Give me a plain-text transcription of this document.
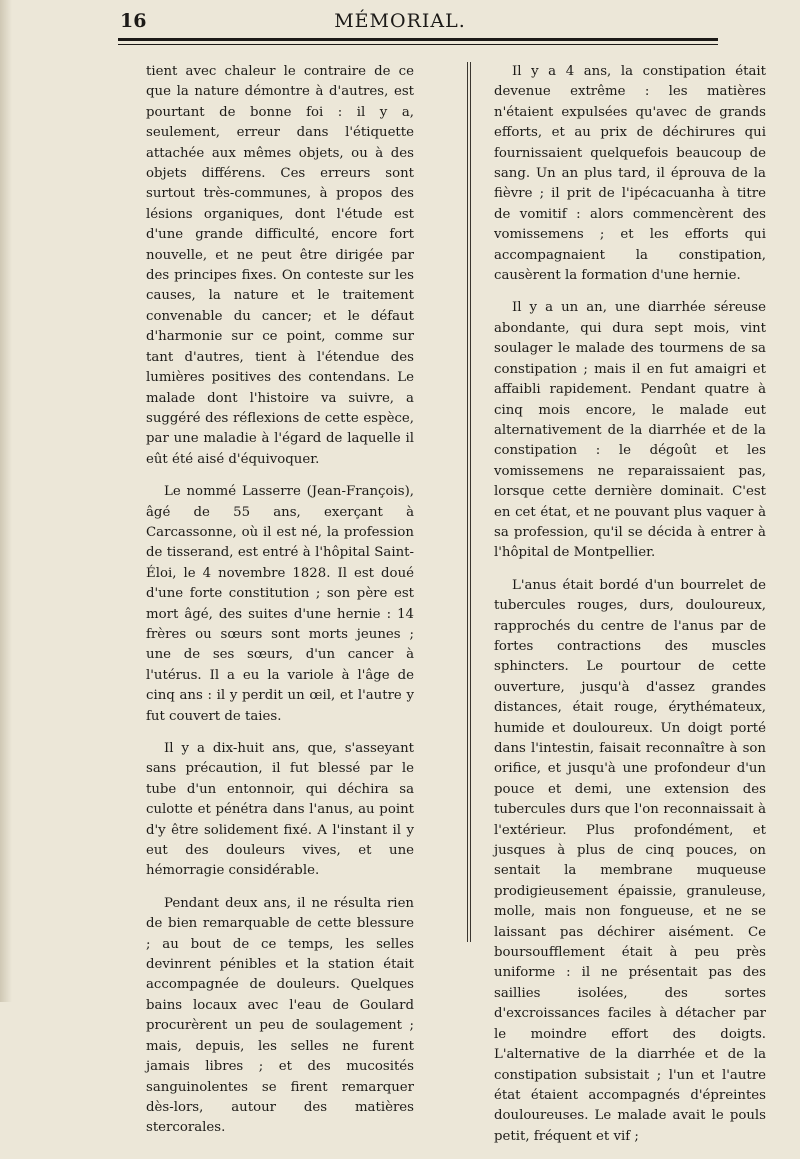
16	MÉMORIAL.

tient avec chaleur le contraire de ce que la nature démontre à d'autres, est pourtant de bonne foi : il y a, seulement, erreur dans l'étiquette attachée aux mêmes objets, ou à des objets différens. Ces erreurs sont surtout très-communes, à propos des lésions organiques, dont l'étude est d'une grande difficulté, encore fort nouvelle, et ne peut être dirigée par des principes fixes. On conteste sur les causes, la nature et le traitement convenable du cancer; et le défaut d'harmonie sur ce point, comme sur tant d'autres, tient à l'étendue des lumières positives des contendans. Le malade dont l'histoire va suivre, a suggéré des réflexions de cette espèce, par une maladie à l'égard de laquelle il eût été aisé d'équivoquer.

Le nommé Lasserre (Jean-François), âgé de 55 ans, exerçant à Carcassonne, où il est né, la profession de tisserand, est entré à l'hôpital Saint-Éloi, le 4 novembre 1828. Il est doué d'une forte constitution ; son père est mort âgé, des suites d'une hernie : 14 frères ou sœurs sont morts jeunes ; une de ses sœurs, d'un cancer à l'utérus. Il a eu la variole à l'âge de cinq ans : il y perdit un œil, et l'autre y fut couvert de taies.

Il y a dix-huit ans, que, s'asseyant sans précaution, il fut blessé par le tube d'un entonnoir, qui déchira sa culotte et pénétra dans l'anus, au point d'y être solidement fixé. A l'instant il y eut des douleurs vives, et une hémorragie considérable.

Pendant deux ans, il ne résulta rien de bien remarquable de cette blessure ; au bout de ce temps, les selles devinrent pénibles et la station était accompagnée de douleurs. Quelques bains locaux avec l'eau de Goulard procurèrent un peu de soulagement ; mais, depuis, les selles ne furent jamais libres ; et des mucosités sanguinolentes se firent remarquer dès-lors, autour des matières stercorales.

Il y a 4 ans, la constipation était devenue extrême : les matières n'étaient expulsées qu'avec de grands efforts, et au prix de déchirures qui fournissaient quelquefois beaucoup de sang. Un an plus tard, il éprouva de la fièvre ; il prit de l'ipécacuanha à titre de vomitif : alors commencèrent des vomissemens ; et les efforts qui accompagnaient la constipation, causèrent la formation d'une hernie.

Il y a un an, une diarrhée séreuse abondante, qui dura sept mois, vint soulager le malade des tourmens de sa constipation ; mais il en fut amaigri et affaibli rapidement. Pendant quatre à cinq mois encore, le malade eut alternativement de la diarrhée et de la constipation : le dégoût et les vomissemens ne reparaissaient pas, lorsque cette dernière dominait. C'est en cet état, et ne pouvant plus vaquer à sa profession, qu'il se décida à entrer à l'hôpital de Montpellier.

L'anus était bordé d'un bourrelet de tubercules rouges, durs, douloureux, rapprochés du centre de l'anus par de fortes contractions des muscles sphincters. Le pourtour de cette ouverture, jusqu'à d'assez grandes distances, était rouge, érythémateux, humide et douloureux. Un doigt porté dans l'intestin, faisait reconnaître à son orifice, et jusqu'à une profondeur d'un pouce et demi, une extension des tubercules durs que l'on reconnaissait à l'extérieur. Plus profondément, et jusques à plus de cinq pouces, on sentait la membrane muqueuse prodigieusement épaissie, granuleuse, molle, mais non fongueuse, et ne se laissant pas déchirer aisément. Ce boursoufflement était à peu près uniforme : il ne présentait pas des saillies isolées, des sortes d'excroissances faciles à détacher par le moindre effort des doigts. L'alternative de la diarrhée et de la constipation subsistait ; l'un et l'autre état étaient accompagnés d'épreintes douloureuses. Le malade avait le pouls petit, fréquent et vif ;
